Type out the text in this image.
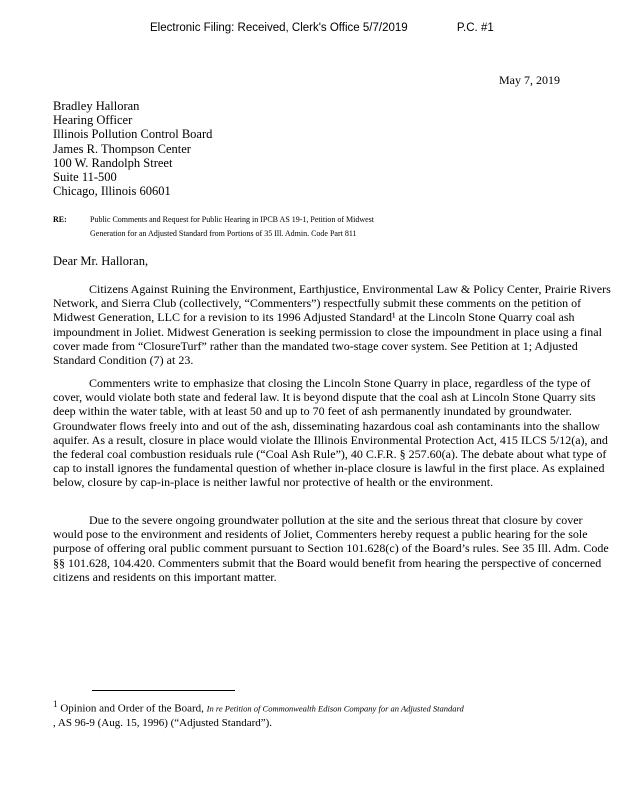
Electronic Filing: Received, Clerk's Office 5/7/2019	P.C. #1
May 7, 2019
Bradley Halloran
Hearing Officer
Illinois Pollution Control Board
James R. Thompson Center
100 W. Randolph Street
Suite 11-500
Chicago, Illinois 60601
RE:	Public Comments and Request for Public Hearing in IPCB AS 19-1, Petition of Midwest
Generation for an Adjusted Standard from Portions of 35 Ill. Admin. Code Part 811
Dear Mr. Halloran,

Citizens Against Ruining the Environment, Earthjustice, Environmental Law & Policy Center, Prairie Rivers Network, and Sierra Club (collectively, “Commenters”) respectfully submit these comments on the petition of Midwest Generation, LLC for a revision to its 1996 Adjusted Standard¹ at the Lincoln Stone Quarry coal ash impoundment in Joliet. Midwest Generation is seeking permission to close the impoundment in place using a final cover made from “ClosureTurf” rather than the mandated two-stage cover system. See Petition at 1; Adjusted Standard Condition (7) at 23.

Commenters write to emphasize that closing the Lincoln Stone Quarry in place, regardless of the type of cover, would violate both state and federal law. It is beyond dispute that the coal ash at Lincoln Stone Quarry sits deep within the water table, with at least 50 and up to 70 feet of ash permanently inundated by groundwater. Groundwater flows freely into and out of the ash, disseminating hazardous coal ash contaminants into the shallow aquifer. As a result, closure in place would violate the Illinois Environmental Protection Act, 415 ILCS 5/12(a), and the federal coal combustion residuals rule (“Coal Ash Rule”), 40 C.F.R. § 257.60(a). The debate about what type of cap to install ignores the fundamental question of whether in-place closure is lawful in the first place. As explained below, closure by cap-in-place is neither lawful nor protective of health or the environment.

Due to the severe ongoing groundwater pollution at the site and the serious threat that closure by cover would pose to the environment and residents of Joliet, Commenters hereby request a public hearing for the sole purpose of offering oral public comment pursuant to Section 101.628(c) of the Board’s rules. See 35 Ill. Adm. Code §§ 101.628, 104.420. Commenters submit that the Board would benefit from hearing the perspective of concerned citizens and residents on this important matter.

$^1$ Opinion and Order of the Board, In re Petition of Commonwealth Edison Company for an Adjusted Standard
, AS 96-9 (Aug. 15, 1996) (“Adjusted Standard”).
